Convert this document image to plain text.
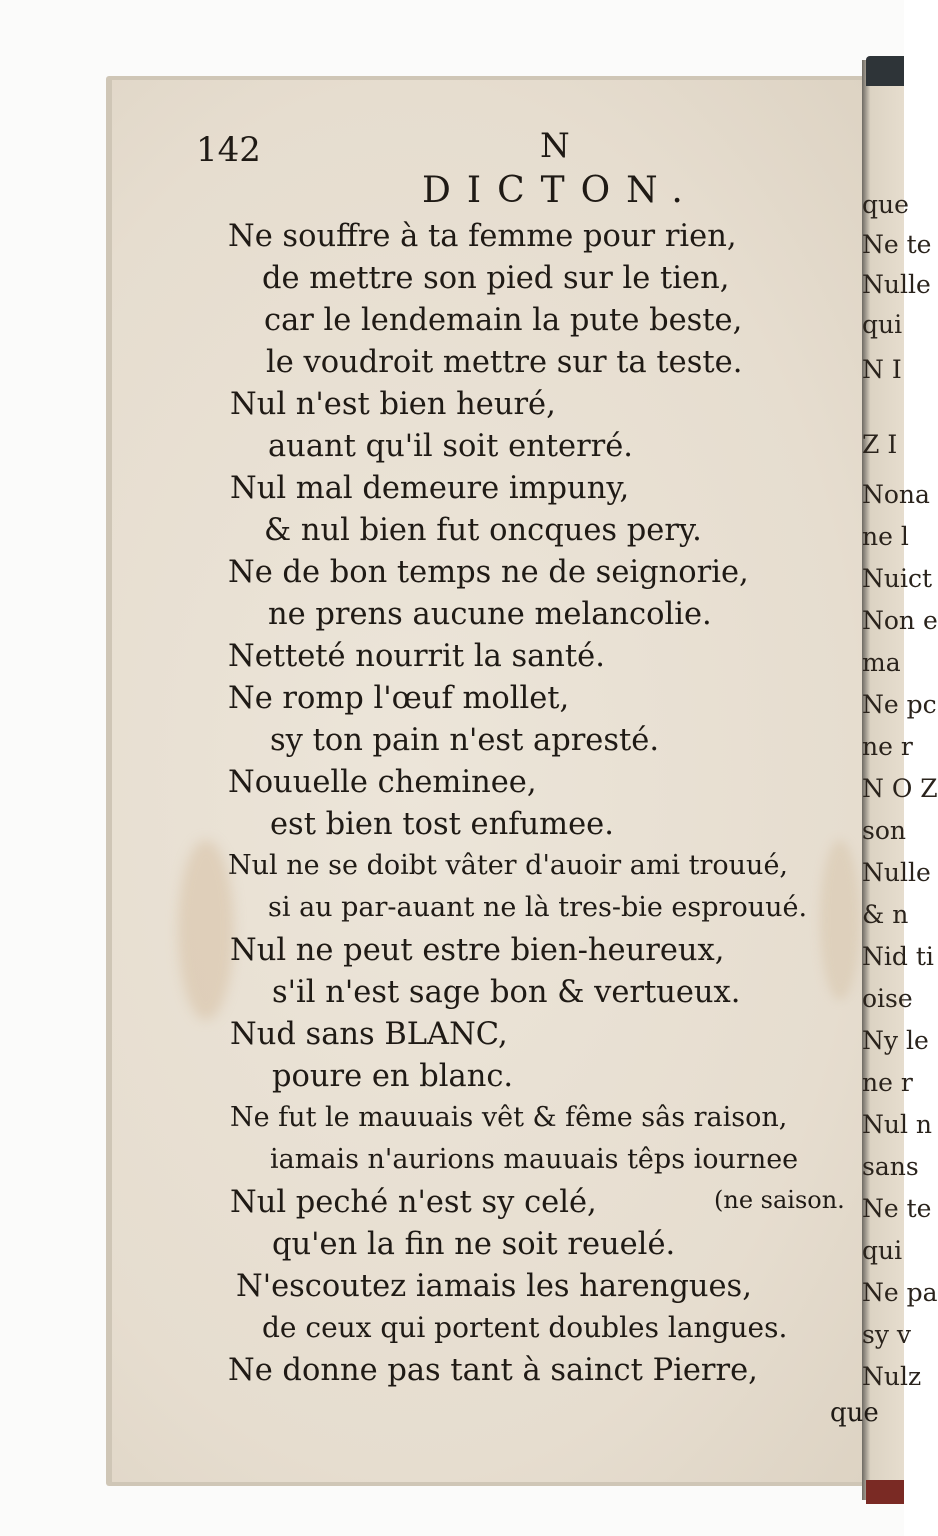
142	N
DICTON.
Ne souffre à ta femme pour rien,
de mettre son pied sur le tien,
car le lendemain la pute beste,
le voudroit mettre sur ta teste.
Nul n'est bien heuré,
auant qu'il soit enterré.
Nul mal demeure impuny,
& nul bien fut oncques pery.
Ne de bon temps ne de seignorie,
ne prens aucune melancolie.
Netteté nourrit la santé.
Ne romp l'œuf mollet,
sy ton pain n'est apresté.
Nouuelle cheminee,
est bien tost enfumee.
Nul ne se doibt vâter d'auoir ami trouué,
si au par-auant ne là tres-bie esprouué.
Nul ne peut estre bien-heureux,
s'il n'est sage bon & vertueux.
Nud sans BLANC,
poure en blanc.
Ne fut le mauuais vêt & fême sâs raison,
iamais n'aurions mauuais têps iournee
Nul peché n'est sy celé,	(ne saison.
qu'en la fin ne soit reuelé.
N'escoutez iamais les harengues,
de ceux qui portent doubles langues.
Ne donne pas tant à sainct Pierre,
que
que
Ne te
Nulle
qui
N I
Z I
Nona
ne l
Nuict
Non e
ma
Ne pc
ne r
N O Z
son
Nulle
& n
Nid ti
oise
Ny le
ne r
Nul n
sans
Ne te
qui
Ne pa
sy v
Nulz
